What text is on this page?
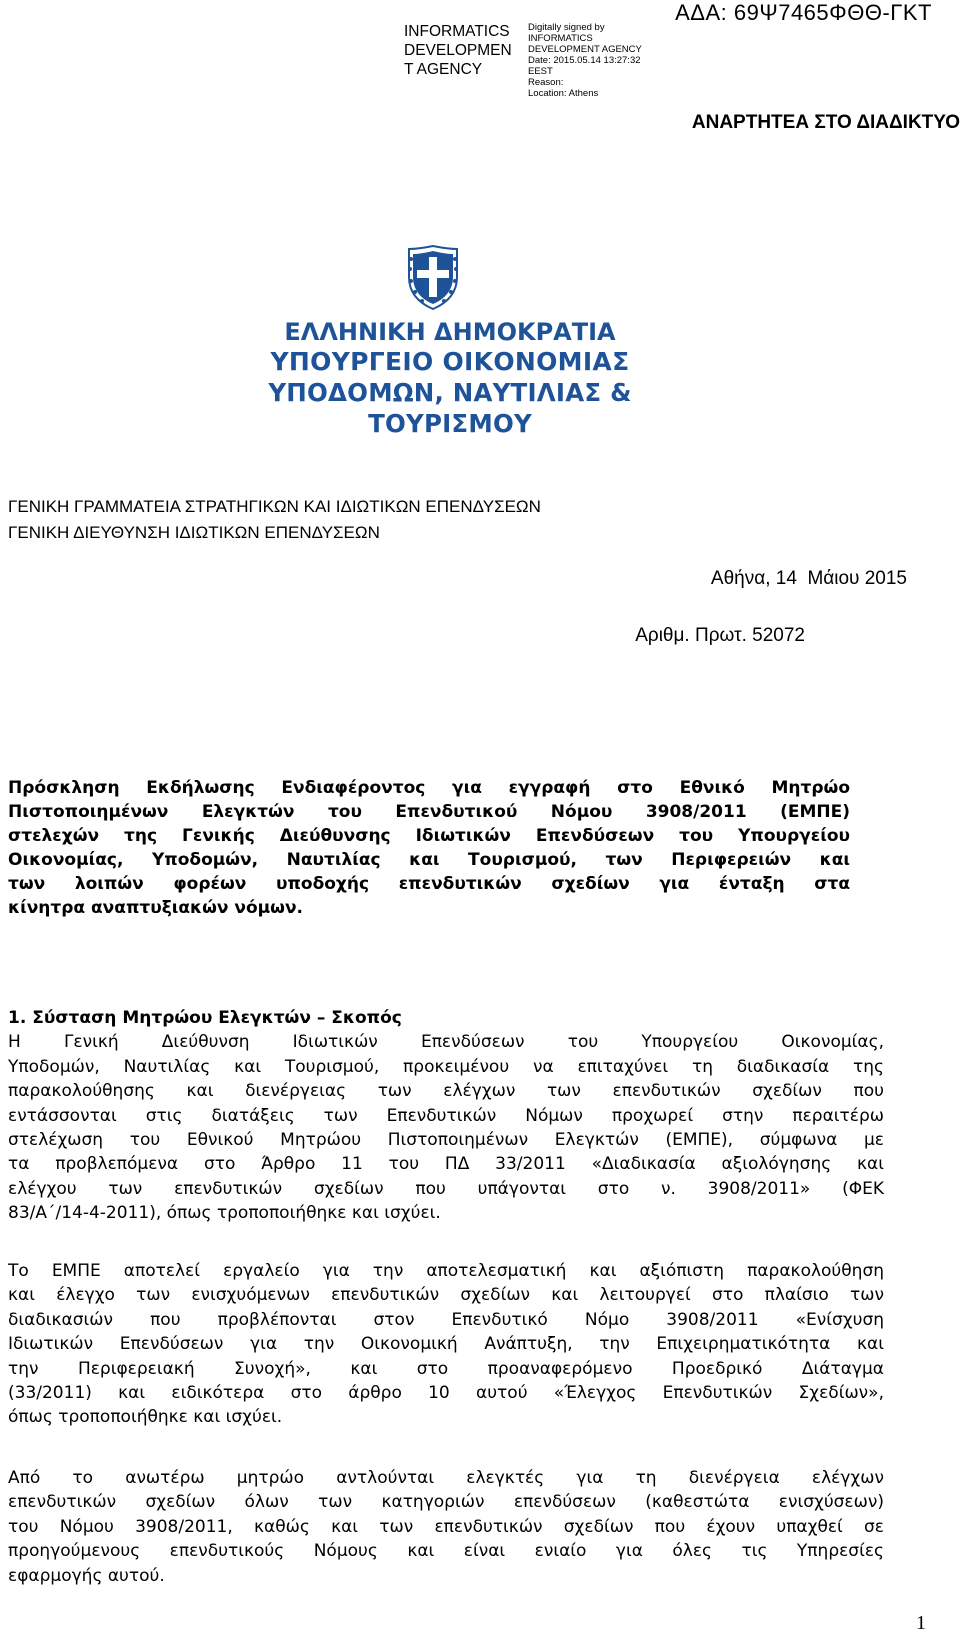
INFORMATICS
DEVELOPMEN
T AGENCY
Digitally signed by
INFORMATICS
DEVELOPMENT AGENCY
Date: 2015.05.14 13:27:32
EEST
Reason:
Location: Athens
ΑΔΑ: 69Ψ7465ΦΘΘ-ΓΚΤ
ΑΝΑΡΤΗΤΕΑ ΣΤΟ ΔΙΑΔΙΚΤΥΟ
ΕΛΛΗΝΙΚΗ ΔΗΜΟΚΡΑΤΙΑ
ΥΠΟΥΡΓΕΙΟ ΟΙΚΟΝΟΜΙΑΣ
ΥΠΟΔΟΜΩΝ, ΝΑΥΤΙΛΙΑΣ & ΤΟΥΡΙΣΜΟΥ
ΓΕΝΙΚΗ ΓΡΑΜΜΑΤΕΙΑ ΣΤΡΑΤΗΓΙΚΩΝ ΚΑΙ ΙΔΙΩΤΙΚΩΝ ΕΠΕΝΔΥΣΕΩΝ
ΓΕΝΙΚΗ ΔΙΕΥΘΥΝΣΗ ΙΔΙΩΤΙΚΩΝ ΕΠΕΝΔΥΣΕΩΝ
Αθήνα, 14  Μάιου 2015
Αριθμ. Πρωτ. 52072
Πρόσκληση Εκδήλωσης Ενδιαφέροντος για εγγραφή στο Εθνικό Μητρώο
Πιστοποιημένων Ελεγκτών του Επενδυτικού Νόμου 3908/2011 (ΕΜΠΕ)
στελεχών της Γενικής Διεύθυνσης Ιδιωτικών Επενδύσεων του Υπουργείου
Οικονομίας, Υποδομών, Ναυτιλίας και Τουρισμού, των Περιφερειών και
των λοιπών φορέων υποδοχής επενδυτικών σχεδίων για ένταξη στα
κίνητρα αναπτυξιακών νόμων.
1. Σύσταση Μητρώου Ελεγκτών – Σκοπός
Η Γενική Διεύθυνση Ιδιωτικών Επενδύσεων του Υπουργείου Οικονομίας,
Υποδομών, Ναυτιλίας και Τουρισμού, προκειμένου να επιταχύνει τη διαδικασία της
παρακολούθησης και διενέργειας των ελέγχων των επενδυτικών σχεδίων που
εντάσσονται στις διατάξεις των Επενδυτικών Νόμων προχωρεί στην περαιτέρω
στελέχωση του Εθνικού Μητρώου Πιστοποιημένων Ελεγκτών (ΕΜΠΕ), σύμφωνα με
τα προβλεπόμενα στο Άρθρο 11 του ΠΔ 33/2011 «Διαδικασία αξιολόγησης και
ελέγχου των επενδυτικών σχεδίων που υπάγονται στο ν. 3908/2011» (ΦΕΚ
83/Α΄/14-4-2011), όπως τροποποιήθηκε και ισχύει.
Το ΕΜΠΕ αποτελεί εργαλείο για την αποτελεσματική και αξιόπιστη παρακολούθηση
και έλεγχο των ενισχυόμενων επενδυτικών σχεδίων και λειτουργεί στο πλαίσιο των
διαδικασιών που προβλέπονται στον Επενδυτικό Νόμο 3908/2011 «Ενίσχυση
Ιδιωτικών Επενδύσεων για την Οικονομική Ανάπτυξη, την Επιχειρηματικότητα και
την Περιφερειακή Συνοχή», και στο προαναφερόμενο Προεδρικό Διάταγμα
(33/2011) και ειδικότερα στο άρθρο 10 αυτού «Έλεγχος Επενδυτικών Σχεδίων»,
όπως τροποποιήθηκε και ισχύει.
Από το ανωτέρω μητρώο αντλούνται ελεγκτές για τη διενέργεια ελέγχων
επενδυτικών σχεδίων όλων των κατηγοριών επενδύσεων (καθεστώτα ενισχύσεων)
του Νόμου 3908/2011, καθώς και των επενδυτικών σχεδίων που έχουν υπαχθεί σε
προηγούμενους επενδυτικούς Νόμους και είναι ενιαίο για όλες τις Υπηρεσίες
εφαρμογής αυτού.
1
